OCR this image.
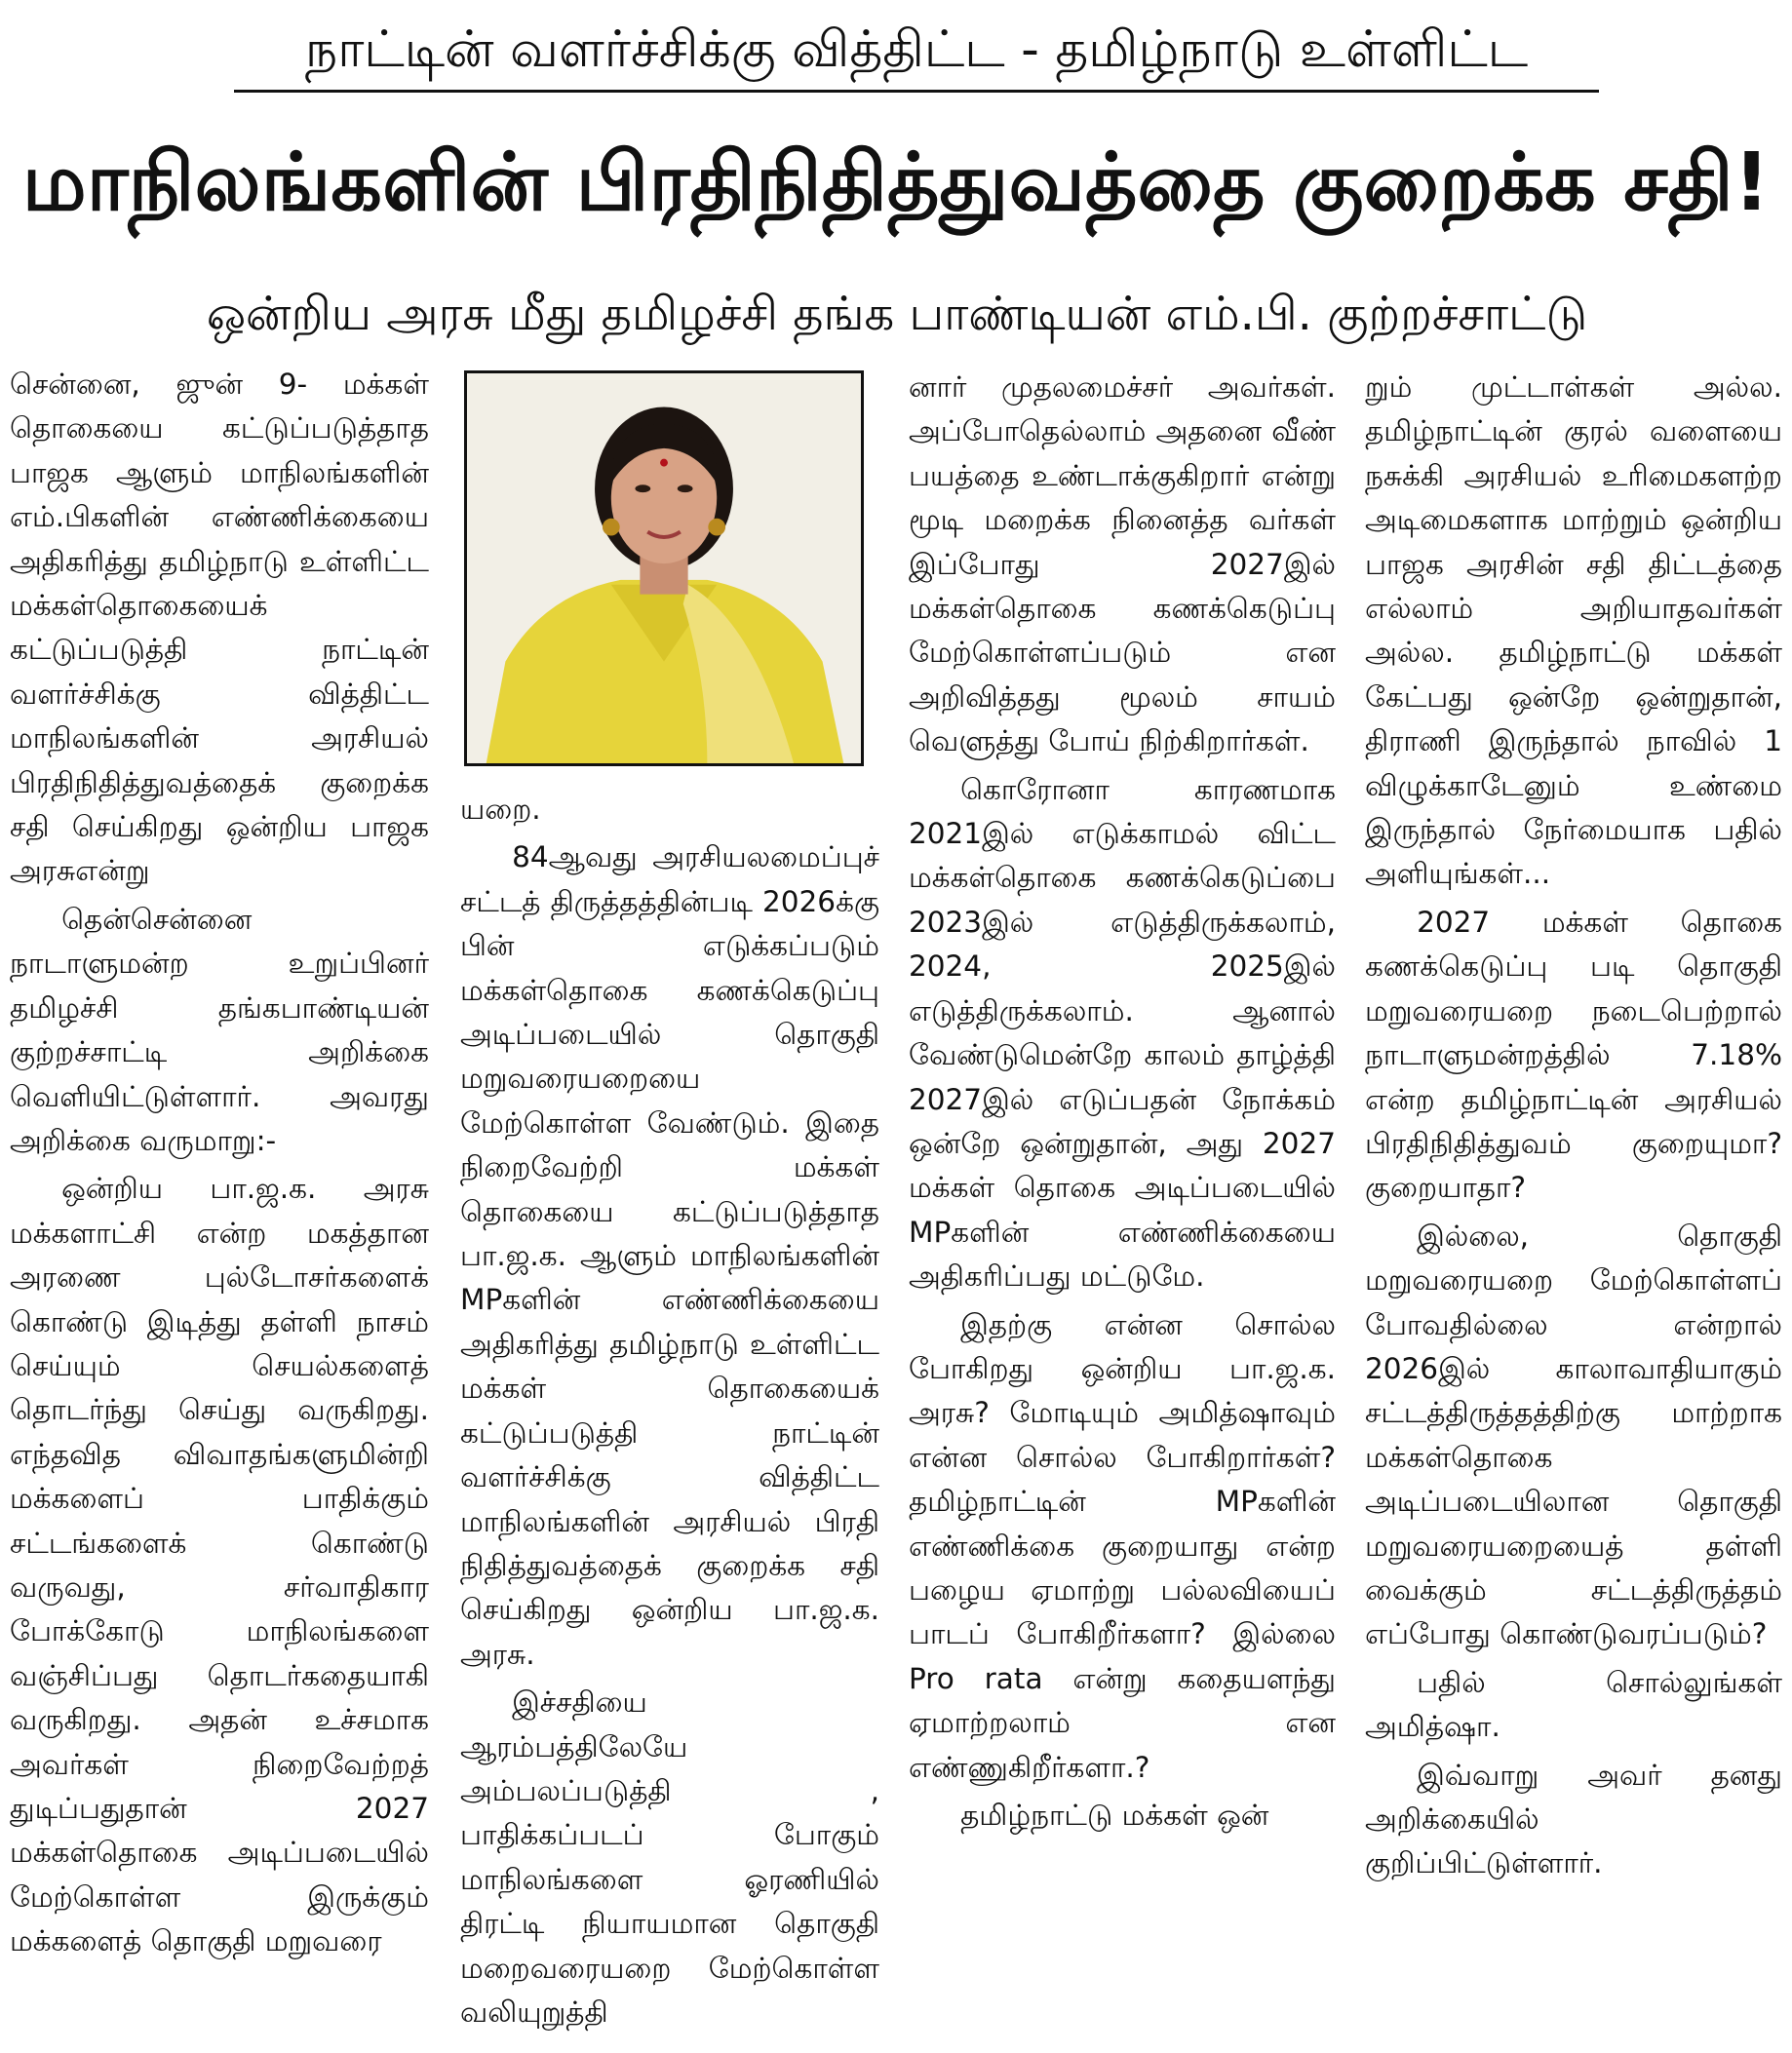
நாட்டின் வளர்ச்சிக்கு வித்திட்ட - தமிழ்நாடு உள்ளிட்ட
மாநிலங்களின் பிரதிநிதித்துவத்தை குறைக்க சதி!
ஒன்றிய அரசு மீது தமிழச்சி தங்க பாண்டியன் எம்.பி. குற்றச்சாட்டு

சென்னை, ஜுன் 9- மக்கள் தொகையை கட்டுப்படுத்தாத பாஜக ஆளும் மாநிலங்களின் எம்.பிகளின் எண்ணிக்கையை அதிகரித்து தமிழ்நாடு உள்ளிட்ட மக்கள்தொகையைக் கட்டுப்படுத்தி நாட்டின் வளர்ச்சிக்கு வித்திட்ட மாநிலங்களின் அரசியல் பிரதிநிதித்துவத்தைக் குறைக்க சதி செய்கிறது ஒன்றிய பாஜக அரசுஎன்று

தென்சென்னை நாடாளுமன்ற உறுப்பினர் தமிழச்சி தங்கபாண்டியன் குற்றச்சாட்டி அறிக்கை வெளியிட்டுள்ளார். அவரது அறிக்கை வருமாறு:-

ஒன்றிய பா.ஜ.க. அரசு மக்களாட்சி என்ற மகத்தான அரணை புல்டோசர்களைக் கொண்டு இடித்து தள்ளி நாசம் செய்யும் செயல்களைத் தொடர்ந்து செய்து வருகிறது. எந்தவித விவாதங்களுமின்றி மக்களைப் பாதிக்கும் சட்டங்களைக் கொண்டு வருவது, சர்வாதிகார போக்கோடு மாநிலங்களை வஞ்சிப்பது தொடர்கதையாகி வருகிறது. அதன் உச்சமாக அவர்கள் நிறைவேற்றத் துடிப்பதுதான் 2027 மக்கள்தொகை அடிப்படையில் மேற்கொள்ள இருக்கும் மக்களைத் தொகுதி மறுவரை

யறை.

84ஆவது அரசியலமைப்புச் சட்டத் திருத்தத்தின்படி 2026க்கு பின் எடுக்கப்படும் மக்கள்தொகை கணக்கெடுப்பு அடிப்படையில் தொகுதி மறுவரையறையை மேற்கொள்ள வேண்டும். இதை நிறைவேற்றி மக்கள் தொகையை கட்டுப்படுத்தாத பா.ஜ.க. ஆளும் மாநிலங்களின் MPகளின் எண்ணிக்கையை அதிகரித்து தமிழ்நாடு உள்ளிட்ட மக்கள் தொகையைக் கட்டுப்படுத்தி நாட்டின் வளர்ச்சிக்கு வித்திட்ட மாநிலங்களின் அரசியல் பிரதி நிதித்துவத்தைக் குறைக்க சதி செய்கிறது ஒன்றிய பா.ஜ.க. அரசு.

இச்சதியை ஆரம்பத்திலேயே அம்பலப்படுத்தி , பாதிக்கப்படப் போகும் மாநிலங்களை ஓரணியில் திரட்டி நியாயமான தொகுதி மறைவரையறை மேற்கொள்ள வலியுறுத்தி

னார் முதலமைச்சர் அவர்கள். அப்போதெல்லாம் அதனை வீண் பயத்தை உண்டாக்குகிறார் என்று மூடி மறைக்க நினைத்த வர்கள் இப்போது 2027இல் மக்கள்தொகை கணக்கெடுப்பு மேற்கொள்ளப்படும் என அறிவித்தது மூலம் சாயம் வெளுத்து போய் நிற்கிறார்கள்.

கொரோனா காரணமாக 2021இல் எடுக்காமல் விட்ட மக்கள்தொகை கணக்கெடுப்பை 2023இல் எடுத்திருக்கலாம், 2024, 2025இல் எடுத்திருக்கலாம். ஆனால் வேண்டுமென்றே காலம் தாழ்த்தி 2027இல் எடுப்பதன் நோக்கம் ஒன்றே ஒன்றுதான், அது 2027 மக்கள் தொகை அடிப்படையில் MPகளின் எண்ணிக்கையை அதிகரிப்பது மட்டுமே.

இதற்கு என்ன சொல்ல போகிறது ஒன்றிய பா.ஜ.க. அரசு? மோடியும் அமித்ஷாவும் என்ன சொல்ல போகிறார்கள்? தமிழ்நாட்டின் MPகளின் எண்ணிக்கை குறையாது என்ற பழைய ஏமாற்று பல்லவியைப் பாடப் போகிறீர்களா? இல்லை Pro rata என்று கதையளந்து ஏமாற்றலாம் என எண்ணுகிறீர்களா.?

தமிழ்நாட்டு மக்கள் ஒன்

றும் முட்டாள்கள் அல்ல. தமிழ்நாட்டின் குரல் வளையை நசுக்கி அரசியல் உரிமைகளற்ற அடிமைகளாக மாற்றும் ஒன்றிய பாஜக அரசின் சதி திட்டத்தை எல்லாம் அறியாதவர்கள் அல்ல. தமிழ்நாட்டு மக்கள் கேட்பது ஒன்றே ஒன்றுதான், திராணி இருந்தால் நாவில் 1 விழுக்காடேனும் உண்மை இருந்தால் நேர்மையாக பதில் அளியுங்கள்...

2027 மக்கள் தொகை கணக்கெடுப்பு படி தொகுதி மறுவரையறை நடைபெற்றால் நாடாளுமன்றத்தில் 7.18% என்ற தமிழ்நாட்டின் அரசியல் பிரதிநிதித்துவம் குறையுமா? குறையாதா?

இல்லை, தொகுதி மறுவரையறை மேற்கொள்ளப் போவதில்லை என்றால் 2026இல் காலாவாதியாகும் சட்டத்திருத்தத்திற்கு மாற்றாக மக்கள்தொகை அடிப்படையிலான தொகுதி மறுவரையறையைத் தள்ளி வைக்கும் சட்டத்திருத்தம் எப்போது கொண்டுவரப்படும்?

பதில் சொல்லுங்கள் அமித்ஷா.

இவ்வாறு அவர் தனது அறிக்கையில் குறிப்பிட்டுள்ளார்.
